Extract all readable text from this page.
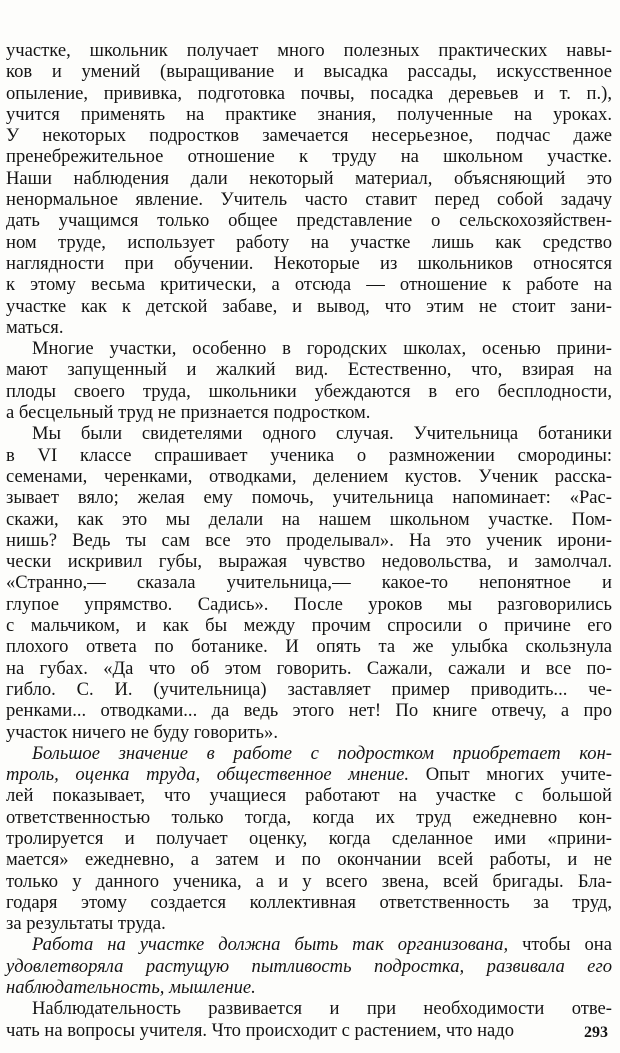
участке, школьник получает много полезных практических навы-
ков и умений (выращивание и высадка рассады, искусственное
опыление, прививка, подготовка почвы, посадка деревьев и т. п.),
учится применять на практике знания, полученные на уроках.
У некоторых подростков замечается несерьезное, подчас даже
пренебрежительное отношение к труду на школьном участке.
Наши наблюдения дали некоторый материал, объясняющий это
ненормальное явление. Учитель часто ставит перед собой задачу
дать учащимся только общее представление о сельскохозяйствен-
ном труде, использует работу на участке лишь как средство
наглядности при обучении. Некоторые из школьников относятся
к этому весьма критически, а отсюда — отношение к работе на
участке как к детской забаве, и вывод, что этим не стоит зани-
маться.
Многие участки, особенно в городских школах, осенью прини-
мают запущенный и жалкий вид. Естественно, что, взирая на
плоды своего труда, школьники убеждаются в его бесплодности,
а бесцельный труд не признается подростком.
Мы были свидетелями одного случая. Учительница ботаники
в VI классе спрашивает ученика о размножении смородины:
семенами, черенками, отводками, делением кустов. Ученик расска-
зывает вяло; желая ему помочь, учительница напоминает: «Рас-
скажи, как это мы делали на нашем школьном участке. Пом-
нишь? Ведь ты сам все это проделывал». На это ученик ирони-
чески искривил губы, выражая чувство недовольства, и замолчал.
«Странно,— сказала учительница,— какое-то непонятное и
глупое упрямство. Садись». После уроков мы разговорились
с мальчиком, и как бы между прочим спросили о причине его
плохого ответа по ботанике. И опять та же улыбка скользнула
на губах. «Да что об этом говорить. Сажали, сажали и все по-
гибло. С. И. (учительница) заставляет пример приводить... че-
ренками... отводками... да ведь этого нет! По книге отвечу, а про
участок ничего не буду говорить».
Большое значение в работе с подростком приобретает кон-
троль, оценка труда, общественное мнение. Опыт многих учите-
лей показывает, что учащиеся работают на участке с большой
ответственностью только тогда, когда их труд ежедневно кон-
тролируется и получает оценку, когда сделанное ими «прини-
мается» ежедневно, а затем и по окончании всей работы, и не
только у данного ученика, а и у всего звена, всей бригады. Бла-
годаря этому создается коллективная ответственность за труд,
за результаты труда.
Работа на участке должна быть так организована, чтобы она
удовлетворяла растущую пытливость подростка, развивала его
наблюдательность, мышление.
Наблюдательность развивается и при необходимости отве-
чать на вопросы учителя. Что происходит с растением, что надо	293
